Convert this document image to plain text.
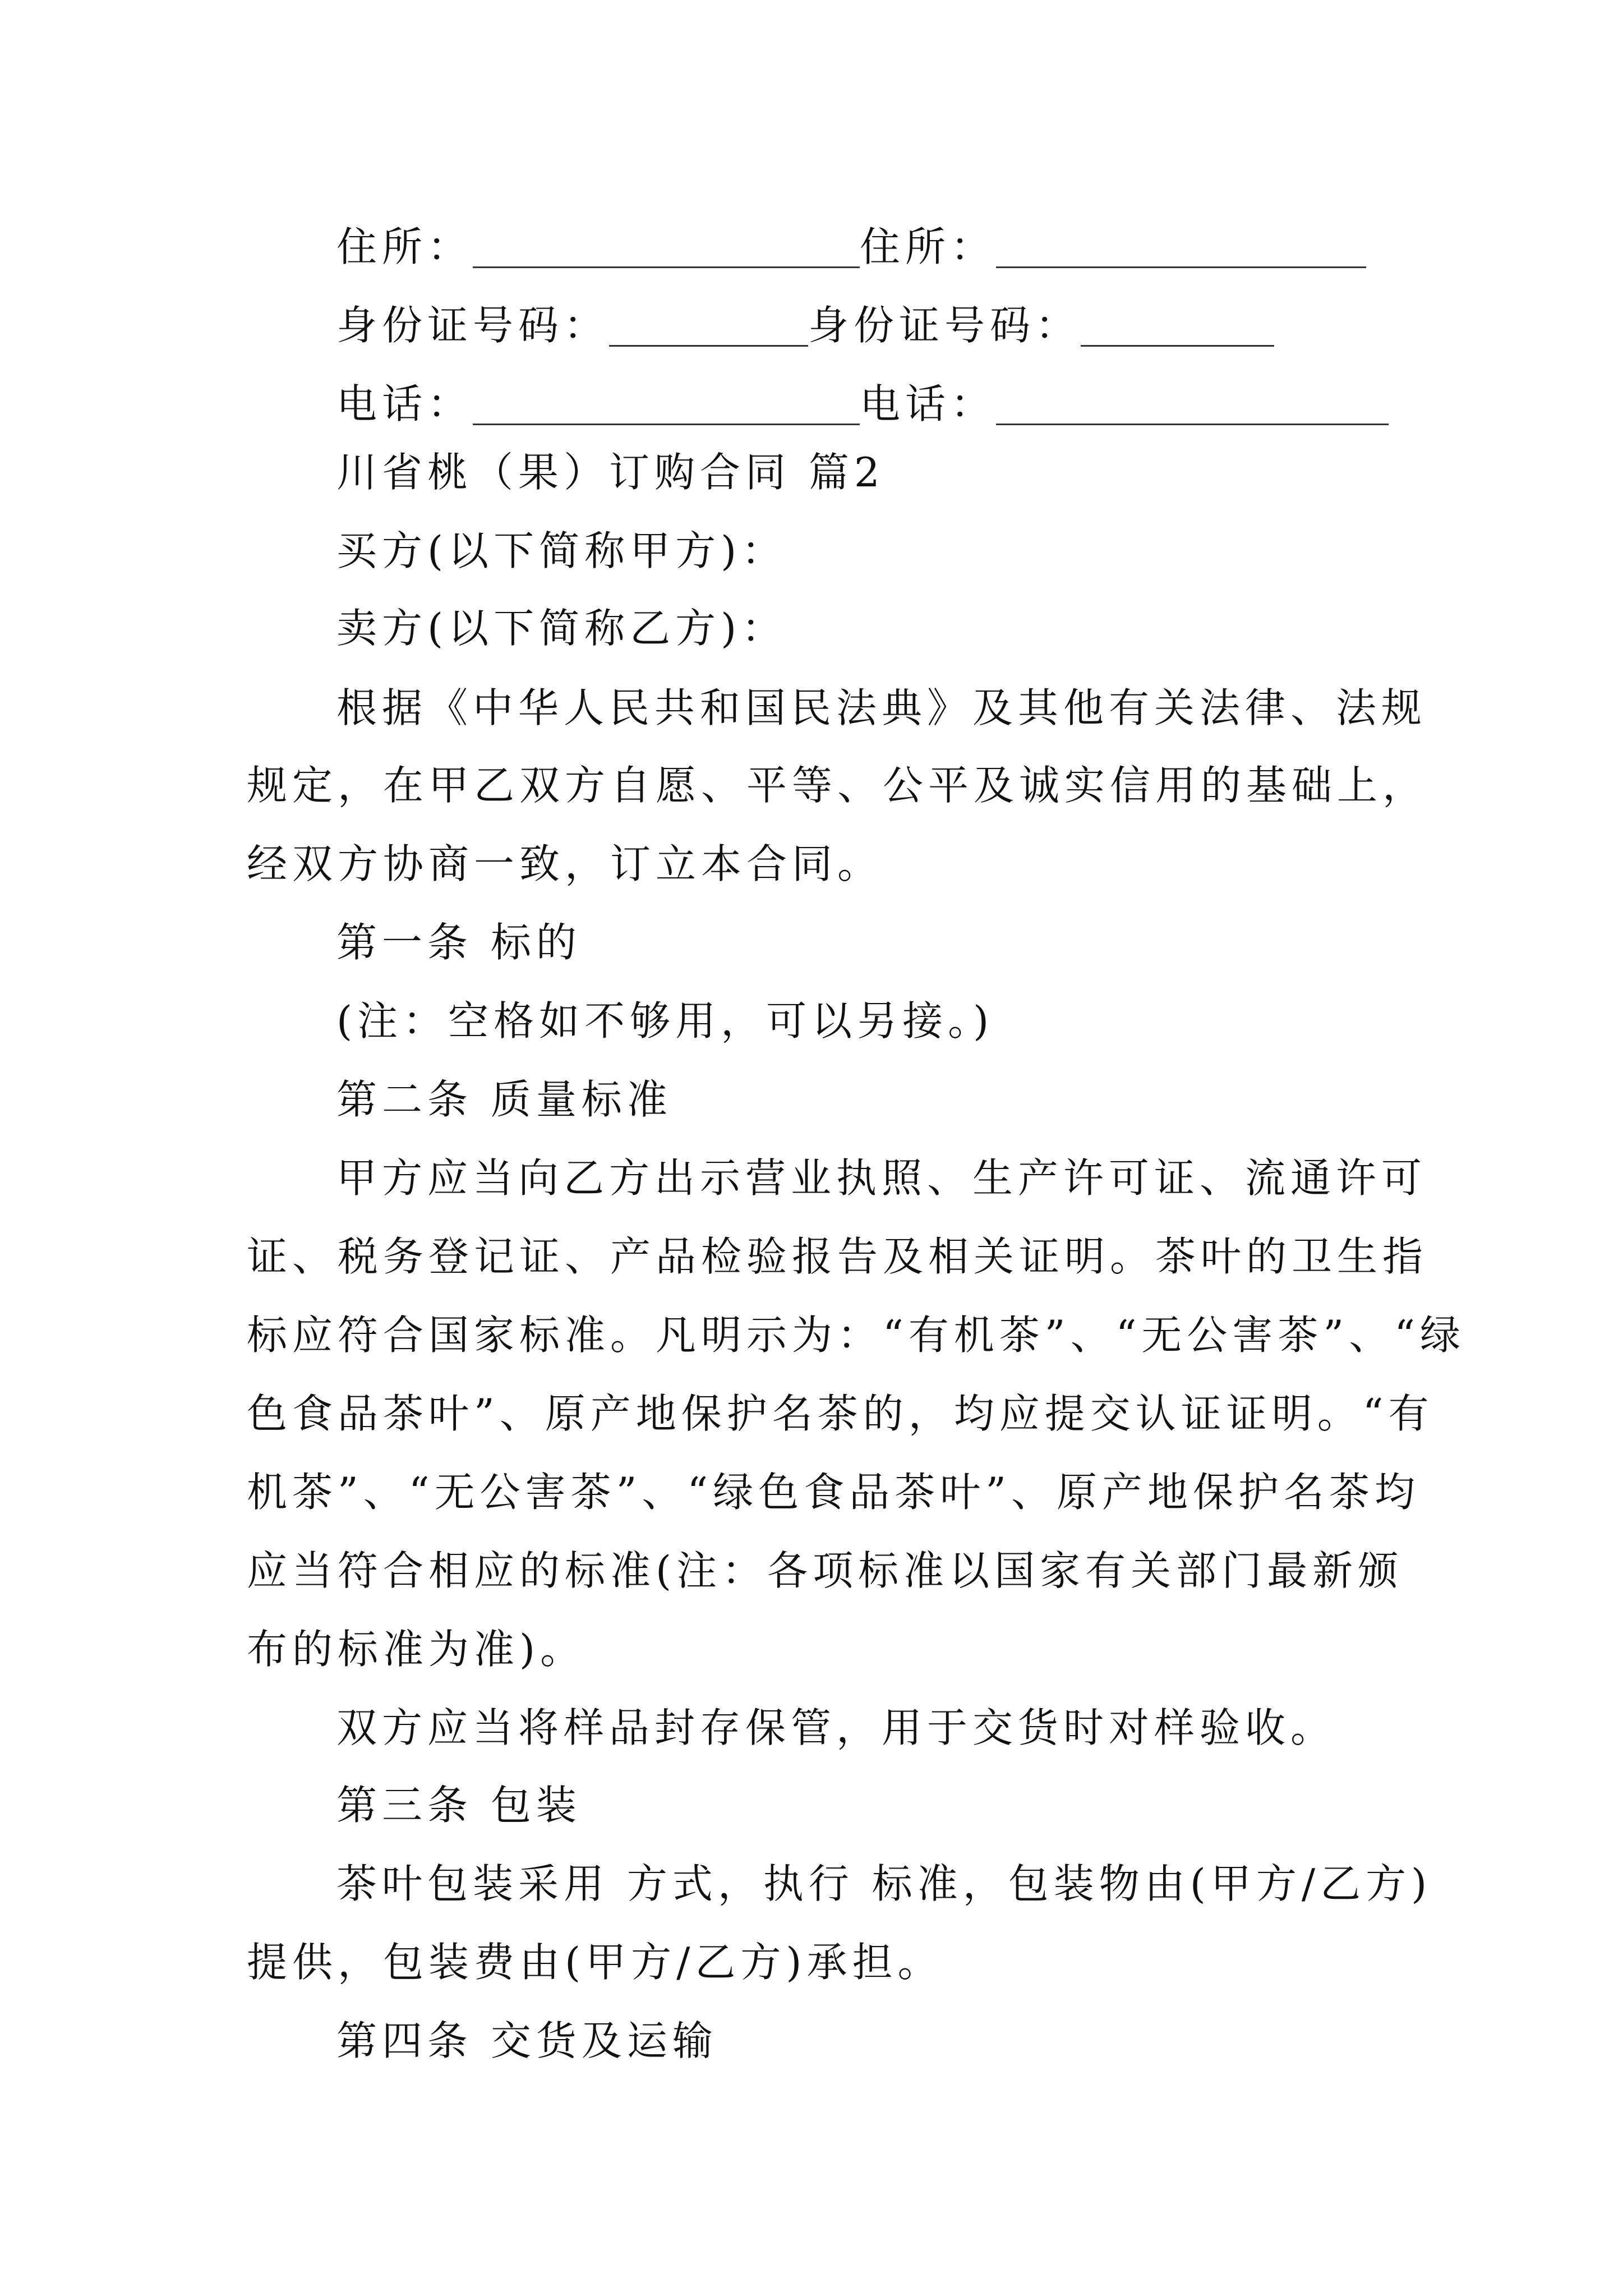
住所：	住所：
身份证号码：	身份证号码：
电话：	电话：
川省桃（果）订购合同 篇2
买方(以下简称甲方)：
卖方(以下简称乙方)：
根据《中华人民共和国民法典》及其他有关法律、法规
规定，在甲乙双方自愿、平等、公平及诚实信用的基础上，
经双方协商一致，订立本合同。
第一条 标的
(注：空格如不够用，可以另接。)
第二条 质量标准
甲方应当向乙方出示营业执照、生产许可证、流通许可
证、税务登记证、产品检验报告及相关证明。茶叶的卫生指
标应符合国家标准。凡明示为：“有机茶”、“无公害茶”、“绿
色食品茶叶”、原产地保护名茶的，均应提交认证证明。“有
机茶”、“无公害茶”、“绿色食品茶叶”、原产地保护名茶均
应当符合相应的标准(注：各项标准以国家有关部门最新颁
布的标准为准)。
双方应当将样品封存保管，用于交货时对样验收。
第三条 包装
茶叶包装采用 方式，执行 标准，包装物由(甲方/乙方)
提供，包装费由(甲方/乙方)承担。
第四条 交货及运输
